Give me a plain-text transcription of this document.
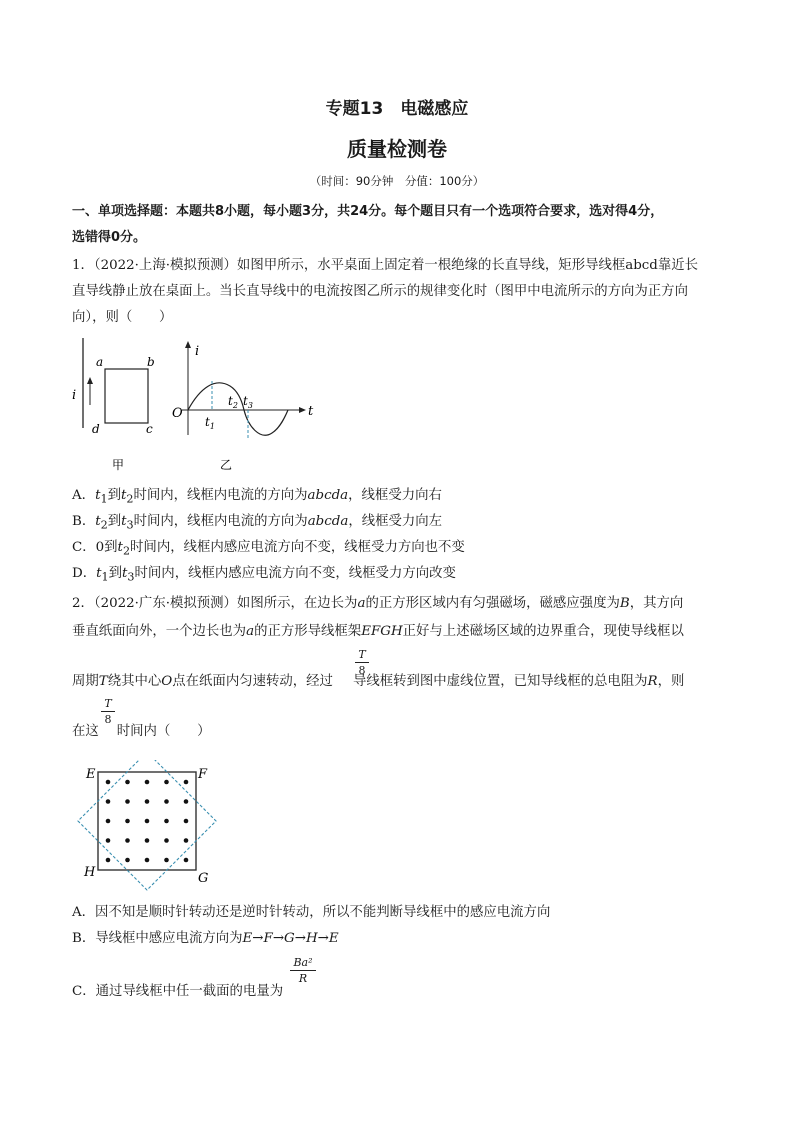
专题13　电磁感应
质量检测卷
（时间：90分钟　分值：100分）
一、单项选择题：本题共8小题，每小题3分，共24分。每个题目只有一个选项符合要求，选对得4分，
选错得0分。
1．（2022·上海·模拟预测）如图甲所示，水平桌面上固定着一根绝缘的长直导线，矩形导线框abcd靠近长
直导线静止放在桌面上。当长直导线中的电流按图乙所示的规律变化时（图甲中电流所示的方向为正方向
向），则（　　）
i
a	b
c
d
甲
i
t
O
$t_1$
$t_2$ $t_3$
乙
A．$t_1$到$t_2$时间内，线框内电流的方向为abcda，线框受力向右
B．$t_2$到$t_3$时间内，线框内电流的方向为abcda，线框受力向左
C．0到$t_2$时间内，线框内感应电流方向不变，线框受力方向也不变
D．$t_1$到$t_3$时间内，线框内感应电流方向不变，线框受力方向改变
2．（2022·广东·模拟预测）如图所示，在边长为a的正方形区域内有匀强磁场，磁感应强度为B，其方向
垂直纸面向外，一个边长也为a的正方形导线框架EFGH正好与上述磁场区域的边界重合，现使导线框以
T
8
周期T绕其中心O点在纸面内匀速转动，经过 导线框转到图中虚线位置，已知导线框的总电阻为R，则
T
8
在这 时间内（　　）
E	F
G
H
A．因不知是顺时针转动还是逆时针转动，所以不能判断导线框中的感应电流方向
B．导线框中感应电流方向为E→F→G→H→E
Ba²
R
C．通过导线框中任一截面的电量为
